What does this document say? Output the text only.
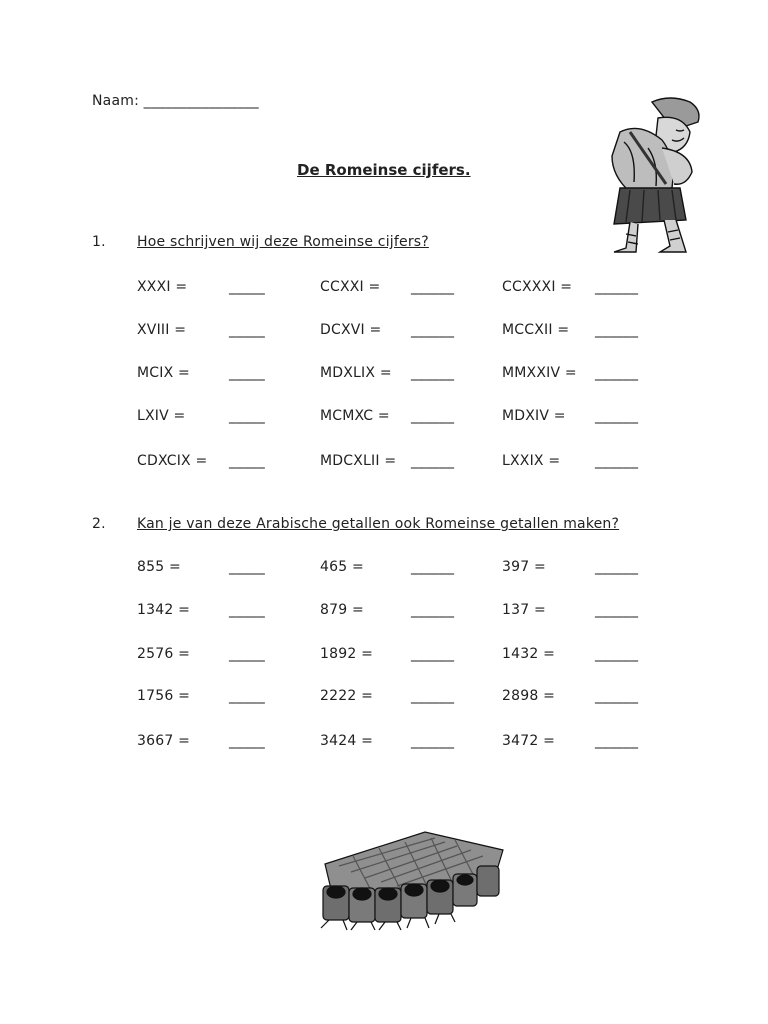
Naam: ________________
De Romeinse cijfers.
1. Hoe schrijven wij deze Romeinse cijfers?
XXXI =	_____	CCXXI = ______	CCXXXI = ______
XVIII =	_____	DCXVI = ______	MCCXII = ______
MCIX =	_____	MDXLIX = ______	MMXXIV = ______
LXIV =	_____	MCMXC = ______	MDXIV = ______
CDXCIX = _____	MDCXLII = ______	LXXIX = ______
2. Kan je van deze Arabische getallen ook Romeinse getallen maken?
855 =	_____	465 =	______	397 =	______
1342 =	_____	879 =	______	137 =	______
2576 =	_____	1892 =	______	1432 =	______
1756 =	_____	2222 =	______	2898 =	______
3667 =	_____	3424 =	______	3472 =	______
